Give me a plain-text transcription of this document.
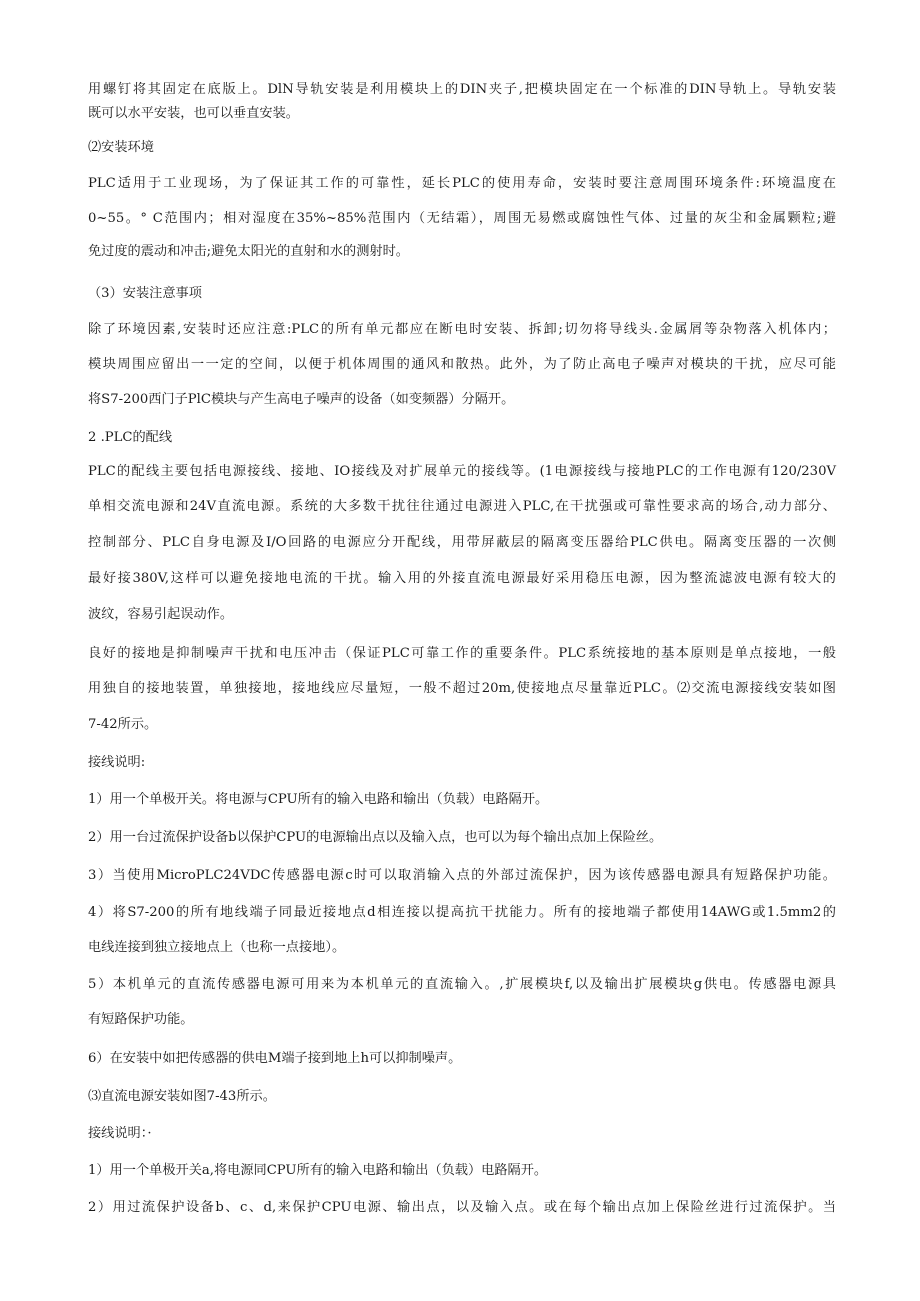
用螺钉将其固定在底版上。DlN导轨安装是利用模块上的DIN夹子,把模块固定在一个标准的DIN导轨上。导轨安装
既可以水平安装，也可以垂直安装。
⑵安装环境
PLC适用于工业现场，为了保证其工作的可靠性，延长PLC的使用寿命，安装时要注意周围环境条件:环境温度在
0~55。° C范围内；相对湿度在35%~85%范围内（无结霜），周围无易燃或腐蚀性气体、过量的灰尘和金属颗粒;避
免过度的震动和冲击;避免太阳光的直射和水的测射时。
（3）安装注意事项
除了环境因素,安装时还应注意:PLC的所有单元都应在断电时安装、拆卸;切勿将导线头.金属屑等杂物落入机体内；
模块周围应留出一一定的空间，以便于机体周围的通风和散热。此外，为了防止高电子噪声对模块的干扰，应尽可能
将S7-200西门子PlC模块与产生高电子噪声的设备（如变频器）分隔开。
2 .PLC的配线
PLC的配线主要包括电源接线、接地、IO接线及对扩展单元的接线等。(1电源接线与接地PLC的工作电源有120/230V
单相交流电源和24V直流电源。系统的大多数干扰往往通过电源进入PLC,在干扰强或可靠性要求高的场合,动力部分、
控制部分、PLC自身电源及I/O回路的电源应分开配线，用带屏蔽层的隔离变压器给PLC供电。隔离变压器的一次侧
最好接380V,这样可以避免接地电流的干扰。输入用的外接直流电源最好采用稳压电源，因为整流滤波电源有较大的
波纹，容易引起误动作。
良好的接地是抑制噪声干扰和电压冲击（保证PLC可靠工作的重要条件。PLC系统接地的基本原则是单点接地，一般
用独自的接地装置，单独接地，接地线应尽量短，一般不超过20m,使接地点尽量靠近PLC。⑵交流电源接线安装如图
7-42所示。
接线说明:
1）用一个单极开关。将电源与CPU所有的输入电路和输出（负载）电路隔开。
2）用一台过流保护设备b以保护CPU的电源输出点以及输入点，也可以为每个输出点加上保险丝。
3）当使用MicroPLC24VDC传感器电源c时可以取消输入点的外部过流保护，因为该传感器电源具有短路保护功能。
4）将S7-200的所有地线端子同最近接地点d相连接以提高抗干扰能力。所有的接地端子都使用14AWG或1.5mm2的
电线连接到独立接地点上（也称一点接地）。
5）本机单元的直流传感器电源可用来为本机单元的直流输入。,扩展模块f,以及输出扩展模块g供电。传感器电源具
有短路保护功能。
6）在安装中如把传感器的供电M端子接到地上h可以抑制噪声。
⑶直流电源安装如图7-43所示。
接线说明：·
1）用一个单极开关a,将电源同CPU所有的输入电路和输出（负载）电路隔开。
2）用过流保护设备b、c、d,来保护CPU电源、输出点，以及输入点。或在每个输出点加上保险丝进行过流保护。当
